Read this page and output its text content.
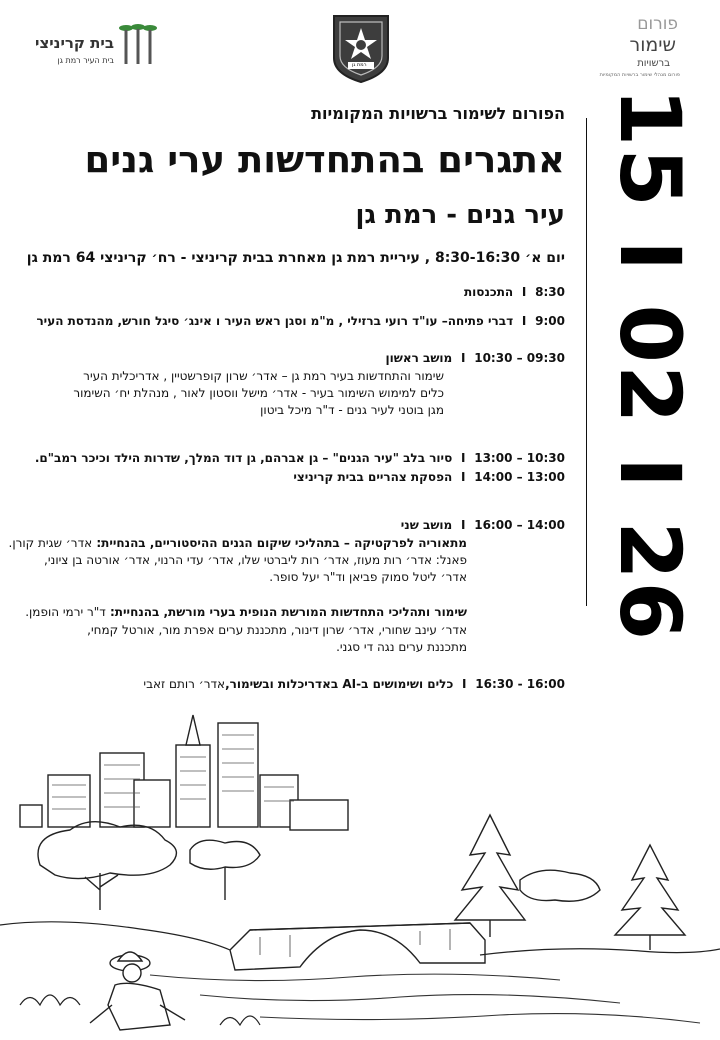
בית קריניצי
בית העיר רמת גן	רמת גן
פורום
שימור
ברשויות
פורום מנהלי שימור ברשויות המקומיות
הפורום לשימור ברשויות המקומיות
אתגרים בהתחדשות ערי גנים
עיר גנים - רמת גן
יום א׳ 8:30-16:30 , עיריית רמת גן מאחרת בבית קריניצי - רח׳ קריניצי 64 רמת גן 15 I 02 I 26
8:30
I
התכנסות
9:00
I
דברי פתיחה– עו"ד רועי ברזילי , מ"מ וסגן ראש העיר ו אינג׳ סיגל חורש, מהנדסת העיר
09:30 – 10:30
I
מושב ראשון
שימור והתחדשות בעיר רמת גן – אדר׳ שרון קופרשטיין , אדריכלית העיר
כלים למימוש השימור בעיר - אדר׳ מישל ווסטון לאור , מנהלת יח׳ השימור
מגן בוטני לעיר גנים - ד"ר מיכל ביטון
10:30 – 13:00
I
סיור בלב "עיר הגנים" – גן אברהם, גן דוד המלך, שדרות הילד וכיכר רמב"ם.
13:00 – 14:00
I
הפסקת צהריים בבית קריניצי
14:00 – 16:00
I
מושב שני
מתאוריה לפרקטיקה – בתהליכי שיקום הגנים ההיסטוריים, בהנחיית: אדר׳ שגית קורן.
פאנל: אדר׳ רות מעוז, אדר׳ רות ליברטי שלו, אדר׳ עדי הרנוי, אדר׳ אורטה בן ציוני,
אדר׳ ליטל סמוק פביאן וד"ר יעל סופר.
שימור ותהליכי התחדשות המורשת הנופית בערי מורשת, בהנחיית: ד"ר ירמי הופמן.
אדר׳ עינב שחורי, אדר׳ שרון דינור, מתכננת ערים אפרת מור, אורטל קמחי,
מתכננת ערים נגה די סגני.
16:00 - 16:30
I
כלים ושימושים ב-AI באדריכלות ובשימור,
אדר׳ רותם זאבי
